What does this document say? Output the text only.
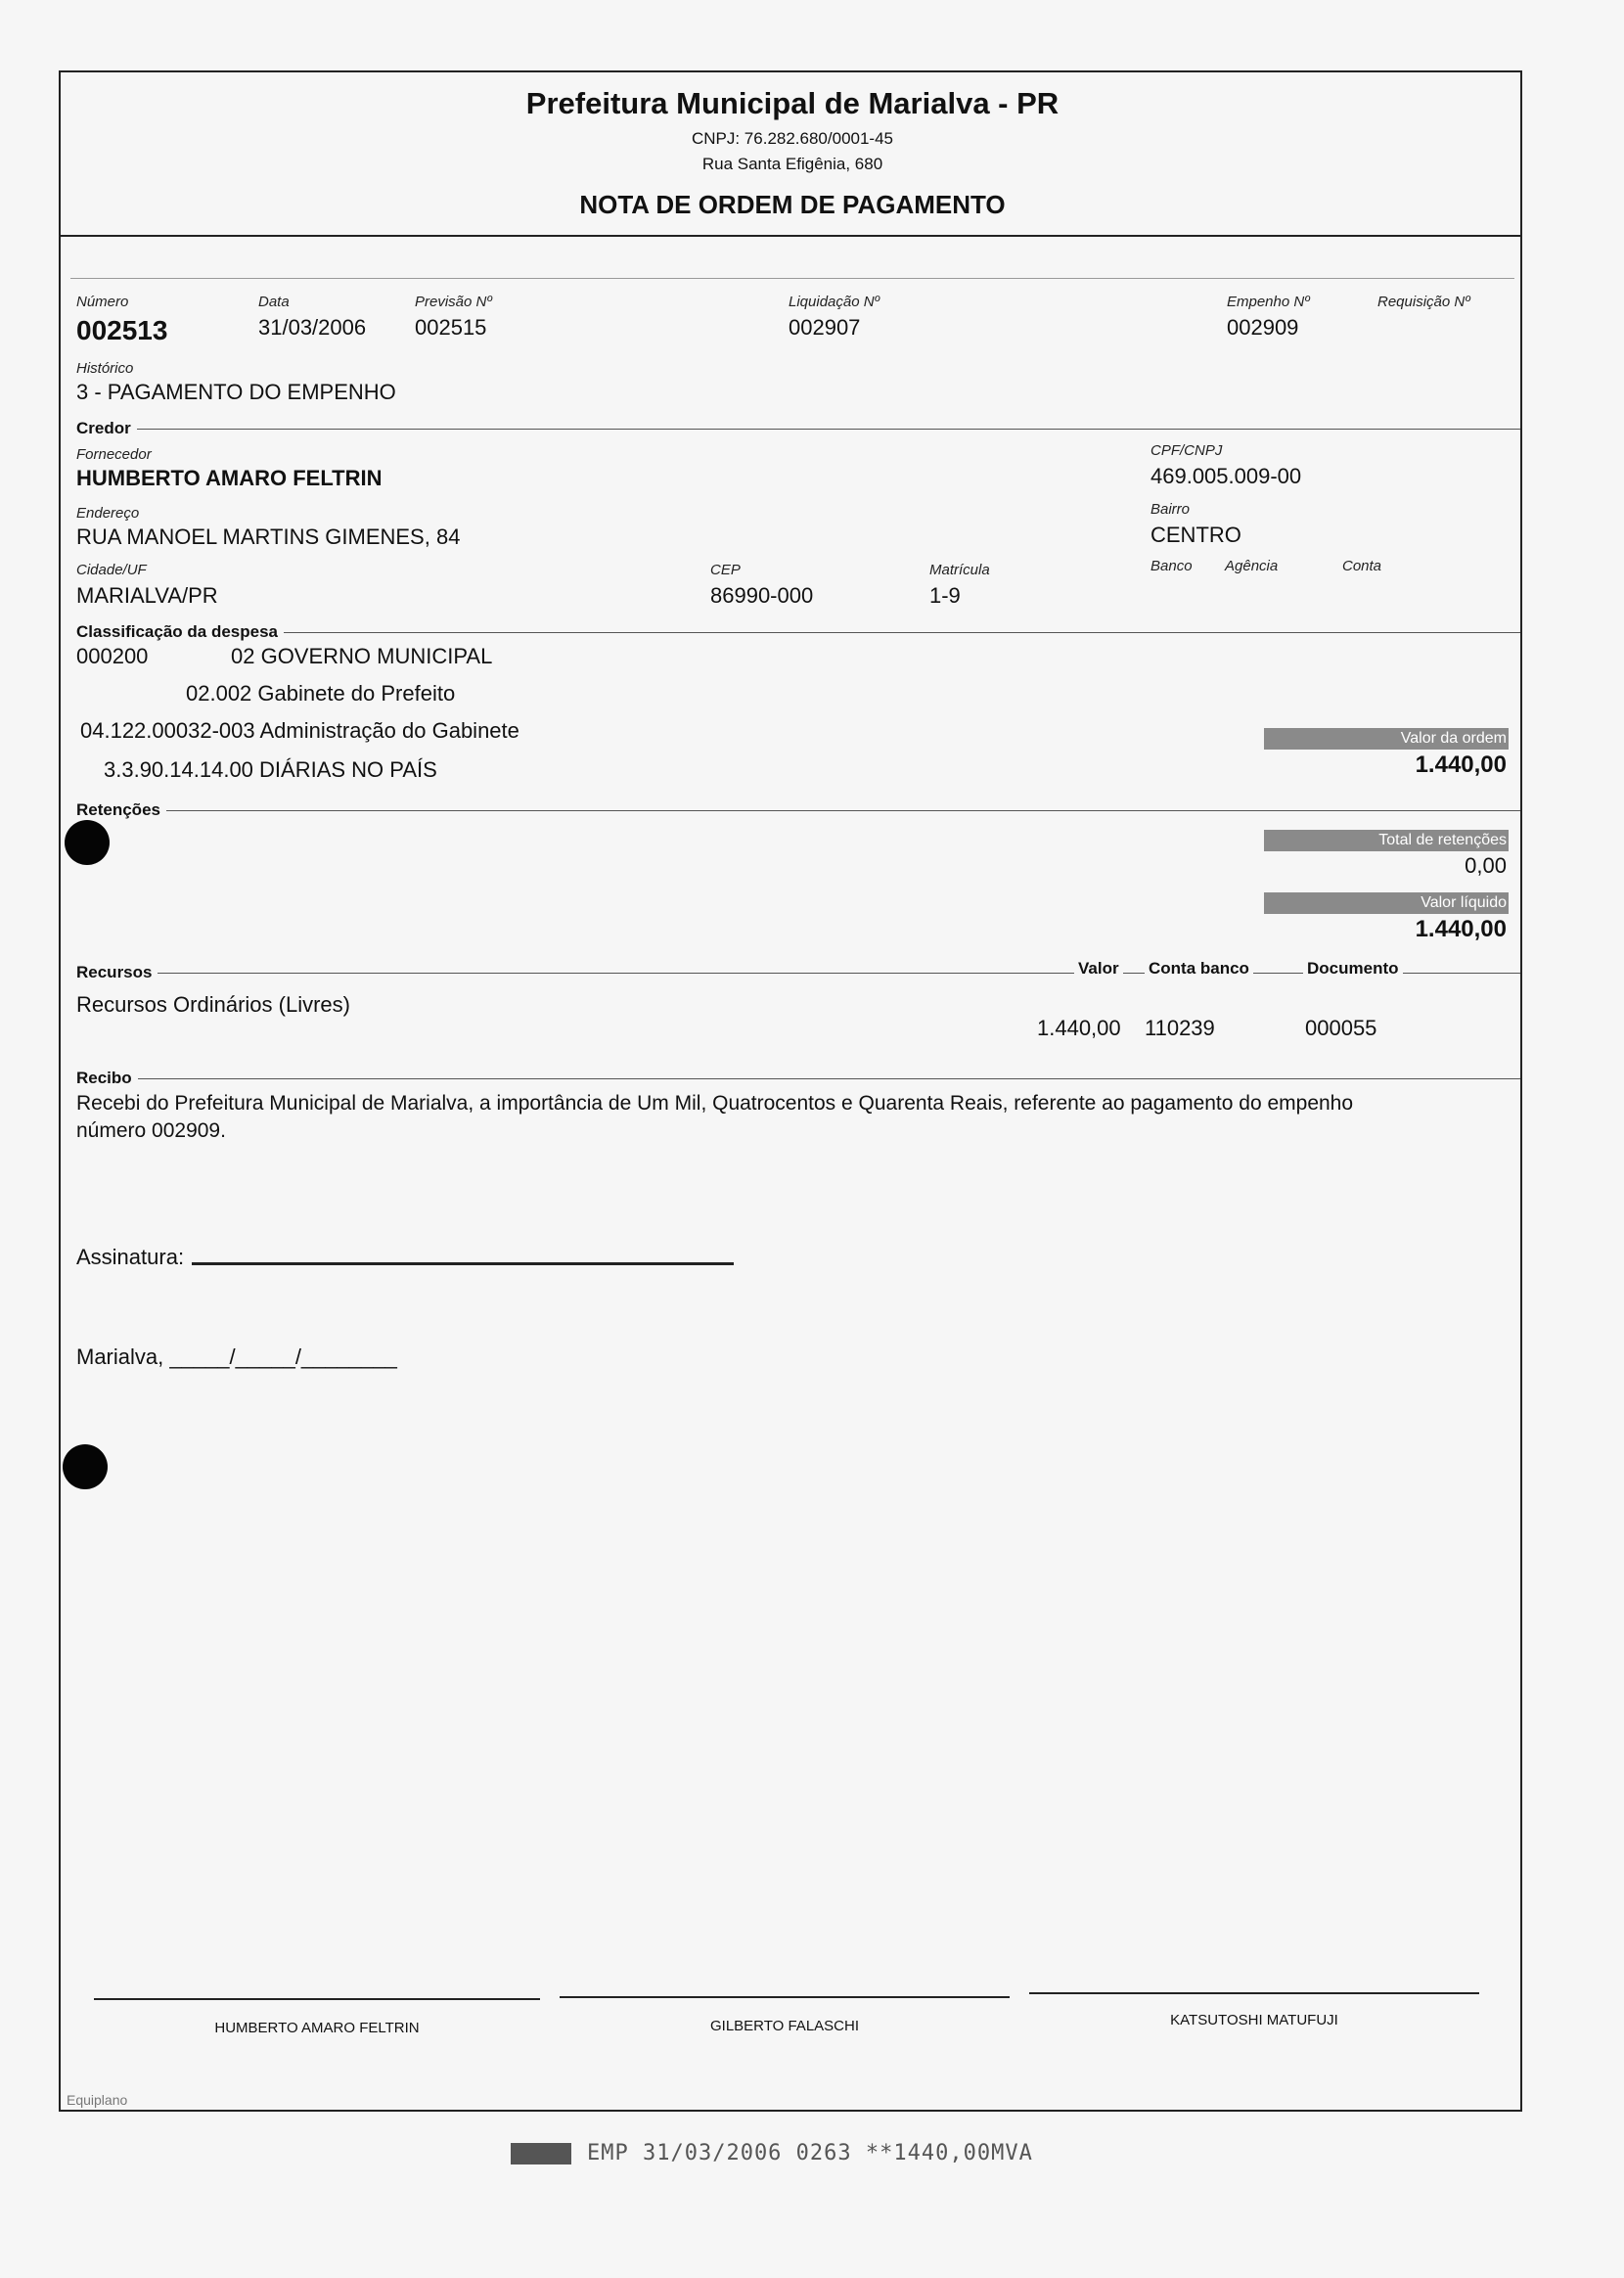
Prefeitura Municipal de Marialva - PR
CNPJ: 76.282.680/0001-45
Rua Santa Efigênia, 680
NOTA DE ORDEM DE PAGAMENTO
Número
002513
Data
31/03/2006
Previsão Nº
002515
Liquidação Nº
002907
Empenho Nº
002909
Requisição Nº
Histórico
3 - PAGAMENTO DO EMPENHO
Credor
Fornecedor
HUMBERTO AMARO FELTRIN
CPF/CNPJ
469.005.009-00
Endereço
RUA MANOEL MARTINS GIMENES, 84
Bairro
CENTRO
Cidade/UF
MARIALVA/PR
CEP
86990-000
Matrícula
1-9
Banco Agência	Conta
Classificação da despesa
000200	02 GOVERNO MUNICIPAL
02.002 Gabinete do Prefeito
04.122.00032-003 Administração do Gabinete
3.3.90.14.14.00 DIÁRIAS NO PAÍS
Valor da ordem
1.440,00
Retenções
Total de retenções
0,00
Valor líquido
1.440,00
Recursos	Valor Conta banco	Documento
Recursos Ordinários (Livres)
1.440,00 110239	000055
Recibo
Recebi do Prefeitura Municipal de Marialva, a importância de Um Mil, Quatrocentos e Quarenta Reais, referente ao pagamento do empenho
número 002909.
Assinatura:
Marialva, _____/_____/________
HUMBERTO AMARO FELTRIN	GILBERTO FALASCHI	KATSUTOSHI MATUFUJI
Equiplano
EMP 31/03/2006 0263 **1440,00MVA
